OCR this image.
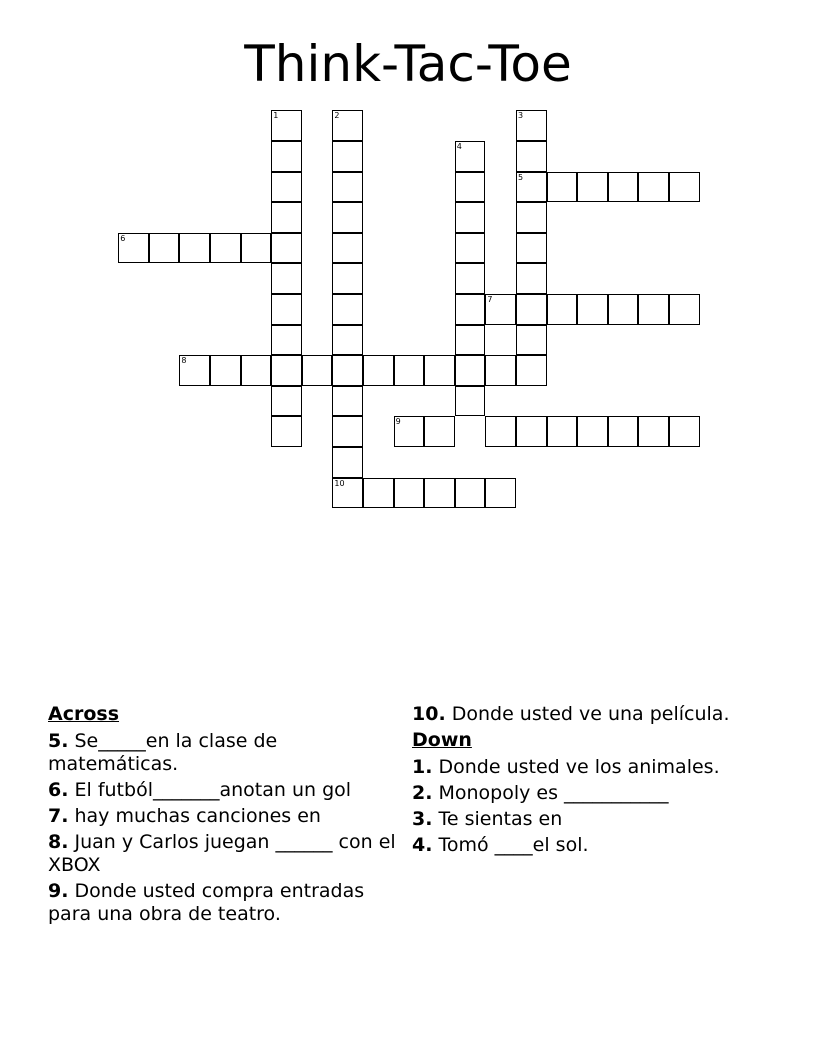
Think-Tac-Toe
1	2
10
3
5
4
6
7
8
9
Across
5. Se_____en la clase de matemáticas.
6. El futból_______anotan un gol
7. hay muchas canciones en
8. Juan y Carlos juegan ______ con el XBOX
9. Donde usted compra entradas para una obra de teatro.
10. Donde usted ve una película.
Down
1. Donde usted ve los animales.
2. Monopoly es ___________
3. Te sientas en
4. Tomó ____el sol.
